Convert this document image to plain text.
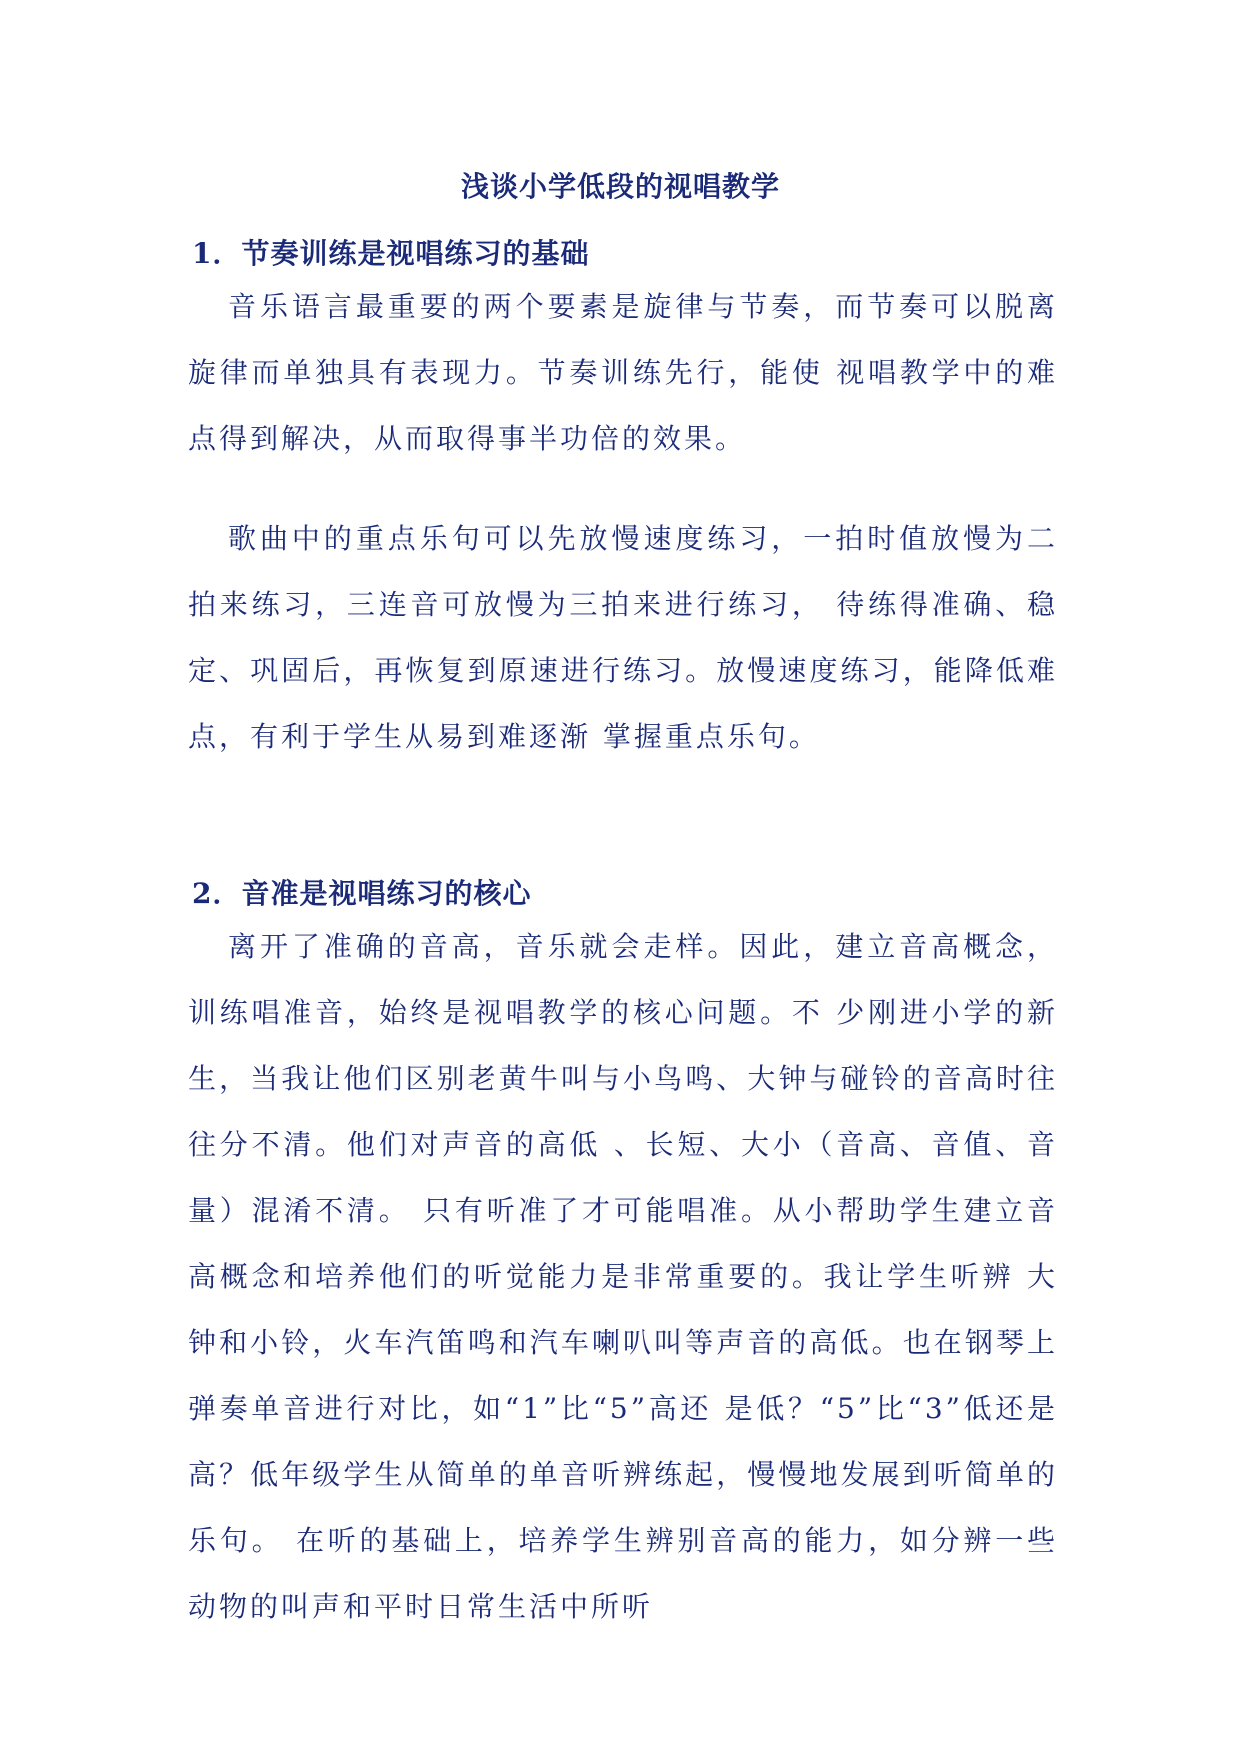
浅谈小学低段的视唱教学
1．节奏训练是视唱练习的基础

音乐语言最重要的两个要素是旋律与节奏，而节奏可以脱离旋律而单独具有表现力。节奏训练先行，能使 视唱教学中的难点得到解决，从而取得事半功倍的效果。

歌曲中的重点乐句可以先放慢速度练习，一拍时值放慢为二拍来练习，三连音可放慢为三拍来进行练习， 待练得准确、稳定、巩固后，再恢复到原速进行练习。放慢速度练习，能降低难点，有利于学生从易到难逐渐 掌握重点乐句。

2．音准是视唱练习的核心

离开了准确的音高，音乐就会走样。因此，建立音高概念，训练唱准音，始终是视唱教学的核心问题。不 少刚进小学的新生，当我让他们区别老黄牛叫与小鸟鸣、大钟与碰铃的音高时往往分不清。他们对声音的高低 、长短、大小（音高、音值、音量）混淆不清。 只有听准了才可能唱准。从小帮助学生建立音高概念和培养他们的听觉能力是非常重要的。我让学生听辨 大钟和小铃，火车汽笛鸣和汽车喇叭叫等声音的高低。也在钢琴上弹奏单音进行对比，如“1”比“5”高还 是低？“5”比“3”低还是高？低年级学生从简单的单音听辨练起，慢慢地发展到听简单的乐句。 在听的基础上，培养学生辨别音高的能力，如分辨一些动物的叫声和平时日常生活中所听
